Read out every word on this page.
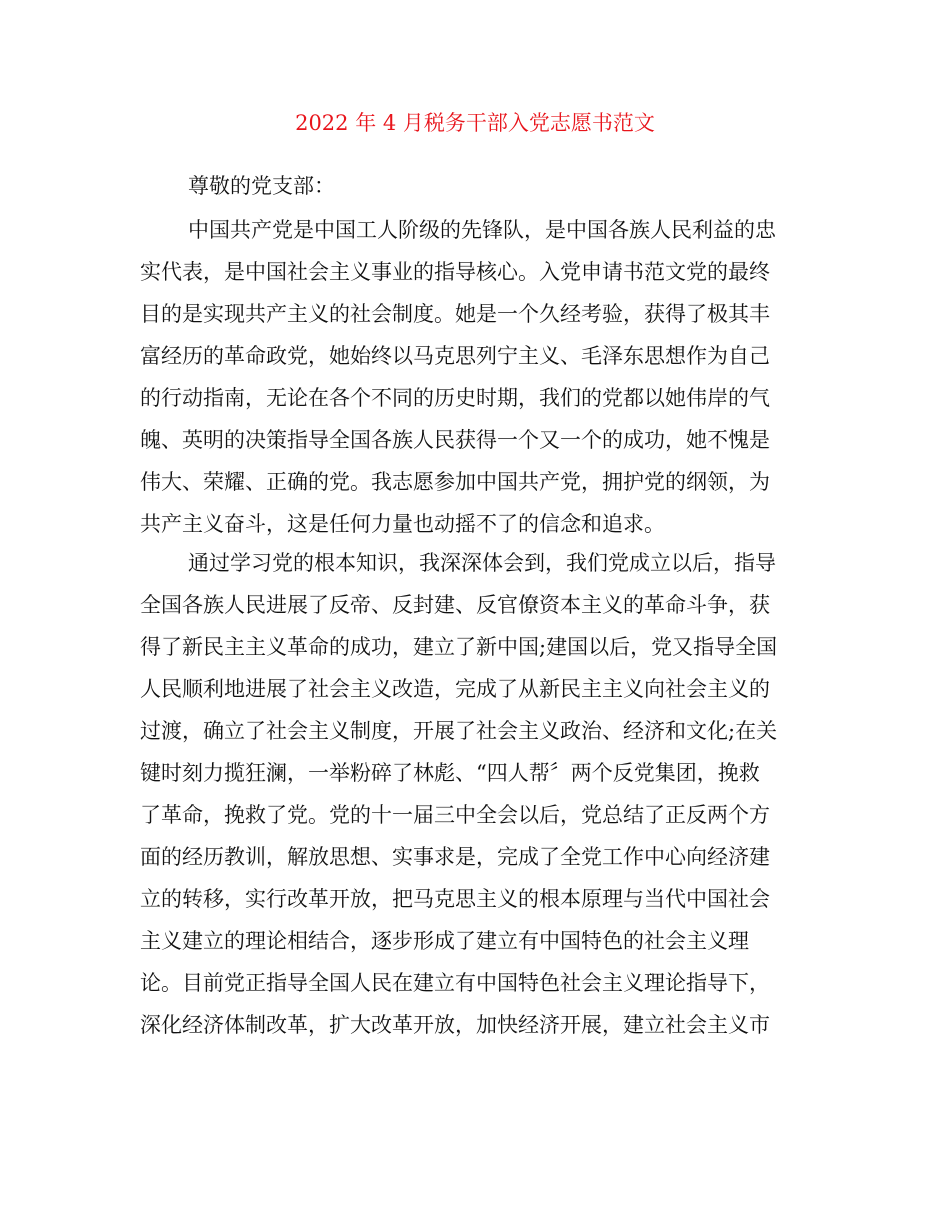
2022 年 4 月税务干部入党志愿书范文

尊敬的党支部：

中国共产党是中国工人阶级的先锋队，是中国各族人民利益的忠

实代表，是中国社会主义事业的指导核心。入党申请书范文党的最终

目的是实现共产主义的社会制度。她是一个久经考验，获得了极其丰

富经历的革命政党，她始终以马克思列宁主义、毛泽东思想作为自己

的行动指南，无论在各个不同的历史时期，我们的党都以她伟岸的气

魄、英明的决策指导全国各族人民获得一个又一个的成功，她不愧是

伟大、荣耀、正确的党。我志愿参加中国共产党，拥护党的纲领，为

共产主义奋斗，这是任何力量也动摇不了的信念和追求。

通过学习党的根本知识，我深深体会到，我们党成立以后，指导

全国各族人民进展了反帝、反封建、反官僚资本主义的革命斗争，获

得了新民主主义革命的成功，建立了新中国;建国以后，党又指导全国

人民顺利地进展了社会主义改造，完成了从新民主主义向社会主义的

过渡，确立了社会主义制度，开展了社会主义政治、经济和文化;在关

键时刻力揽狂澜，一举粉碎了林彪、“四人帮〞两个反党集团，挽救

了革命，挽救了党。党的十一届三中全会以后，党总结了正反两个方

面的经历教训，解放思想、实事求是，完成了全党工作中心向经济建

立的转移，实行改革开放，把马克思主义的根本原理与当代中国社会

主义建立的理论相结合，逐步形成了建立有中国特色的社会主义理

论。目前党正指导全国人民在建立有中国特色社会主义理论指导下，

深化经济体制改革，扩大改革开放，加快经济开展，建立社会主义市
